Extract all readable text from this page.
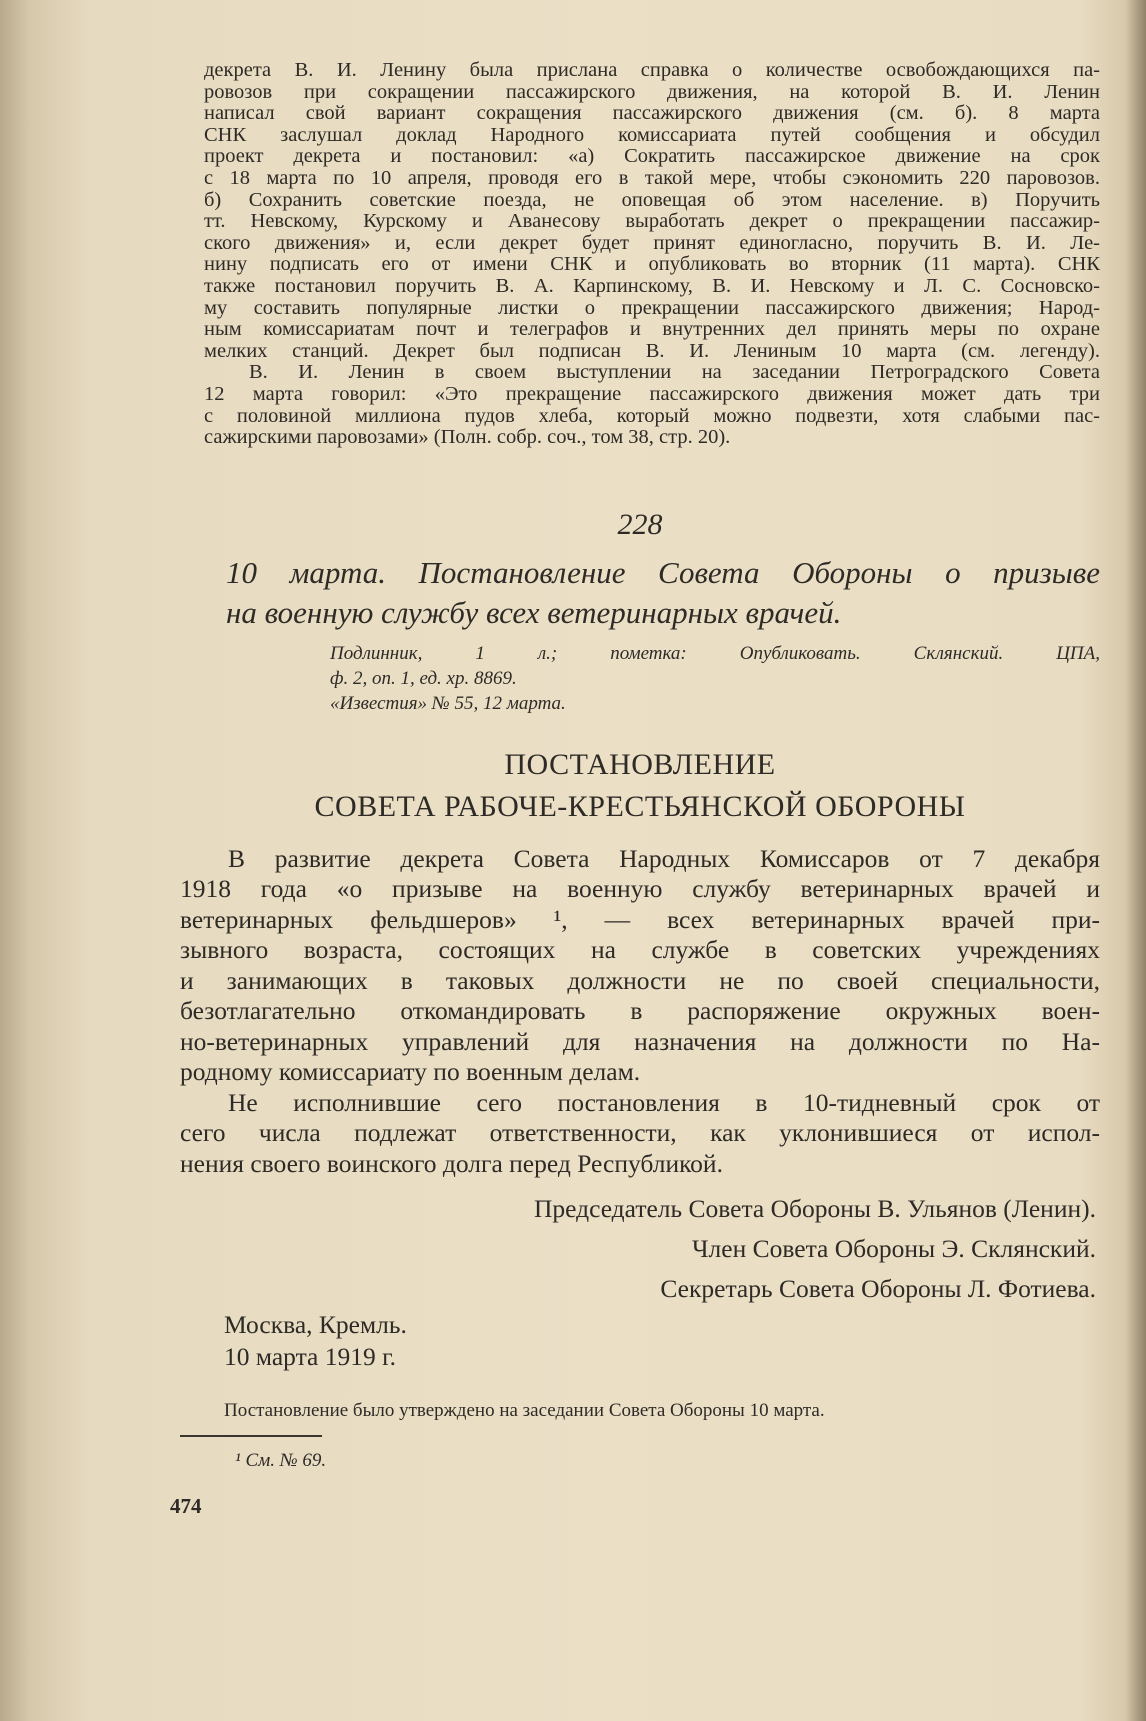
декрета В. И. Ленину была прислана справка о количестве освобождающихся па-
ровозов при сокращении пассажирского движения, на которой В. И. Ленин
написал свой вариант сокращения пассажирского движения (см. б). 8 марта
СНК заслушал доклад Народного комиссариата путей сообщения и обсудил
проект декрета и постановил: «а) Сократить пассажирское движение на срок
с 18 марта по 10 апреля, проводя его в такой мере, чтобы сэкономить 220 паровозов.
б) Сохранить советские поезда, не оповещая об этом население. в) Поручить
тт. Невскому, Курскому и Аванесову выработать декрет о прекращении пассажир-
ского движения» и, если декрет будет принят единогласно, поручить В. И. Ле-
нину подписать его от имени СНК и опубликовать во вторник (11 марта). СНК
также постановил поручить В. А. Карпинскому, В. И. Невскому и Л. С. Сосновско-
му составить популярные листки о прекращении пассажирского движения; Народ-
ным комиссариатам почт и телеграфов и внутренних дел принять меры по охране
мелких станций. Декрет был подписан В. И. Лениным 10 марта (см. легенду).
В. И. Ленин в своем выступлении на заседании Петроградского Совета
12 марта говорил: «Это прекращение пассажирского движения может дать три
с половиной миллиона пудов хлеба, который можно подвезти, хотя слабыми пас-
сажирскими паровозами» (Полн. собр. соч., том 38, стр. 20).
228
10 марта. Постановление Совета Обороны о призыве
на военную службу всех ветеринарных врачей.
Подлинник, 1 л.; пометка: Опубликовать. Склянский. ЦПА,
ф. 2, оп. 1, ед. хр. 8869.
«Известия» № 55, 12 марта.
ПОСТАНОВЛЕНИЕ
СОВЕТА РАБОЧЕ-КРЕСТЬЯНСКОЙ ОБОРОНЫ
В развитие декрета Совета Народных Комиссаров от 7 декабря
1918 года «о призыве на военную службу ветеринарных врачей и
ветеринарных фельдшеров» ¹, — всех ветеринарных врачей при-
зывного возраста, состоящих на службе в советских учреждениях
и занимающих в таковых должности не по своей специальности,
безотлагательно откомандировать в распоряжение окружных воен-
но-ветеринарных управлений для назначения на должности по На-
родному комиссариату по военным делам.
Не исполнившие сего постановления в 10-тидневный срок от
сего числа подлежат ответственности, как уклонившиеся от испол-
нения своего воинского долга перед Республикой.
Председатель Совета Обороны В. Ульянов (Ленин).
Член Совета Обороны Э. Склянский.
Секретарь Совета Обороны Л. Фотиева.
Москва, Кремль.
10 марта 1919 г.
Постановление было утверждено на заседании Совета Обороны 10 марта.
¹ См. № 69.
474
